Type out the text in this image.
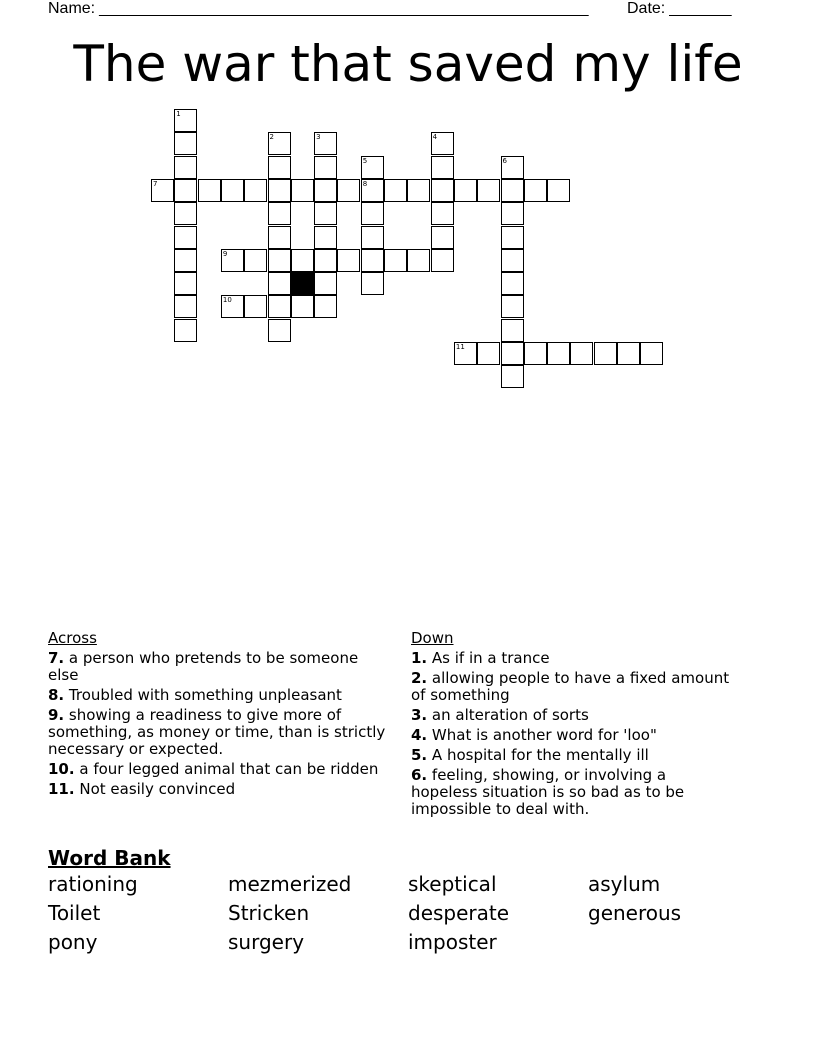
Name: _______________________________________________________ Date: _______
The war that saved my life
1
2	3	4
5	6
7	8
9
10
11
Across
7. a person who pretends to be someone else
8. Troubled with something unpleasant
9. showing a readiness to give more of something, as money or time, than is strictly necessary or expected.
10. a four legged animal that can be ridden
11. Not easily convinced
Down
1. As if in a trance
2. allowing people to have a fixed amount of something
3. an alteration of sorts
4. What is another word for 'loo"
5. A hospital for the mentally ill
6. feeling, showing, or involving a hopeless situation is so bad as to be impossible to deal with.
Word Bank
rationing	mezmerized	skeptical	asylum
Toilet	Stricken	desperate	generous
pony	surgery	imposter
